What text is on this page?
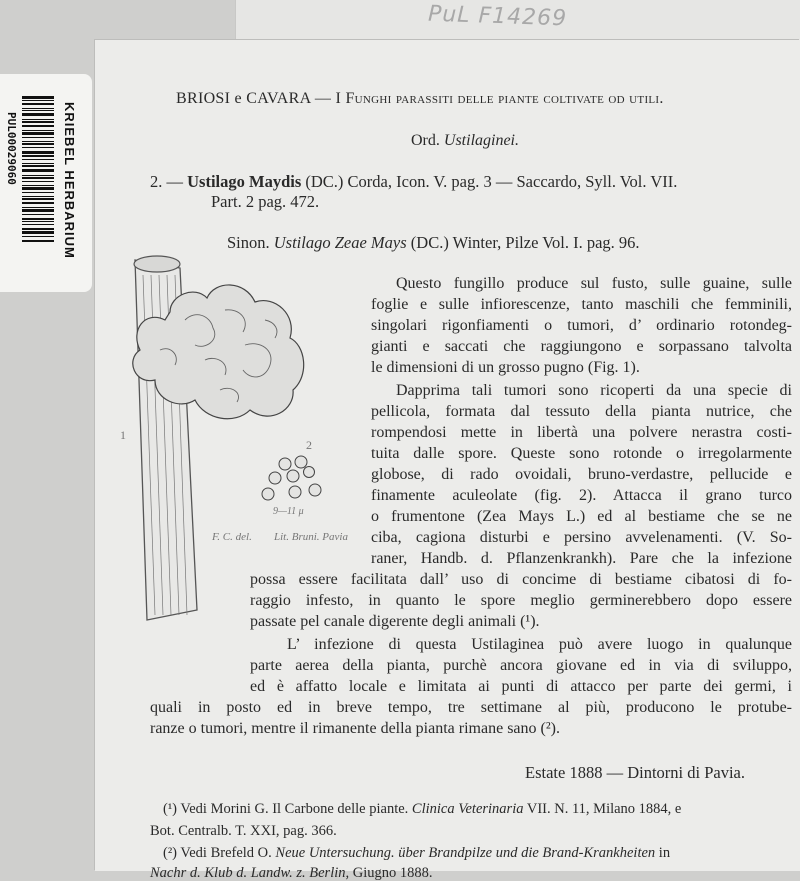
PuL F14269
KRIEBEL HERBARIUM
PUL00029060
BRIOSI e CAVARA — I Funghi parassiti delle piante coltivate od utili.
Ord. Ustilaginei.
2. — Ustilago Maydis (DC.) Corda, Icon. V. pag. 3 — Saccardo, Syll. Vol. VII.
Part. 2 pag. 472.
Sinon. Ustilago Zeae Mays (DC.) Winter, Pilze Vol. I. pag. 96.
1
2
9—11 μ
F. C. del. Lit. Bruni. Pavia
Questo fungillo produce sul fusto, sulle guaine, sulle
foglie e sulle infiorescenze, tanto maschili che femminili,
singolari rigonfiamenti o tumori, d’ ordinario rotondeg-
gianti e saccati che raggiungono e sorpassano talvolta
le dimensioni di un grosso pugno (Fig. 1).
Dapprima tali tumori sono ricoperti da una specie di
pellicola, formata dal tessuto della pianta nutrice, che
rompendosi mette in libertà una polvere nerastra costi-
tuita dalle spore. Queste sono rotonde o irregolarmente
globose, di rado ovoidali, bruno-verdastre, pellucide e
finamente aculeolate (fig. 2). Attacca il grano turco
o frumentone (Zea Mays L.) ed al bestiame che se ne
ciba, cagiona disturbi e persino avvelenamenti. (V. So-
raner, Handb. d. Pflanzenkrankh). Pare che la infezione
possa essere facilitata dall’ uso di concime di bestiame cibatosi di fo-
raggio infesto, in quanto le spore meglio germinerebbero dopo essere
passate pel canale digerente degli animali (¹).
L’ infezione di questa Ustilaginea può avere luogo in qualunque
parte aerea della pianta, purchè ancora giovane ed in via di sviluppo,
ed è affatto locale e limitata ai punti di attacco per parte dei germi, i
quali in posto ed in breve tempo, tre settimane al più, producono le protube-
ranze o tumori, mentre il rimanente della pianta rimane sano (²).
Estate 1888 — Dintorni di Pavia.
(¹) Vedi Morini G. Il Carbone delle piante. Clinica Veterinaria VII. N. 11, Milano 1884, e
Bot. Centralb. T. XXI, pag. 366.
(²) Vedi Brefeld O. Neue Untersuchung. über Brandpilze und die Brand-Krankheiten in
Nachr d. Klub d. Landw. z. Berlin, Giugno 1888.
